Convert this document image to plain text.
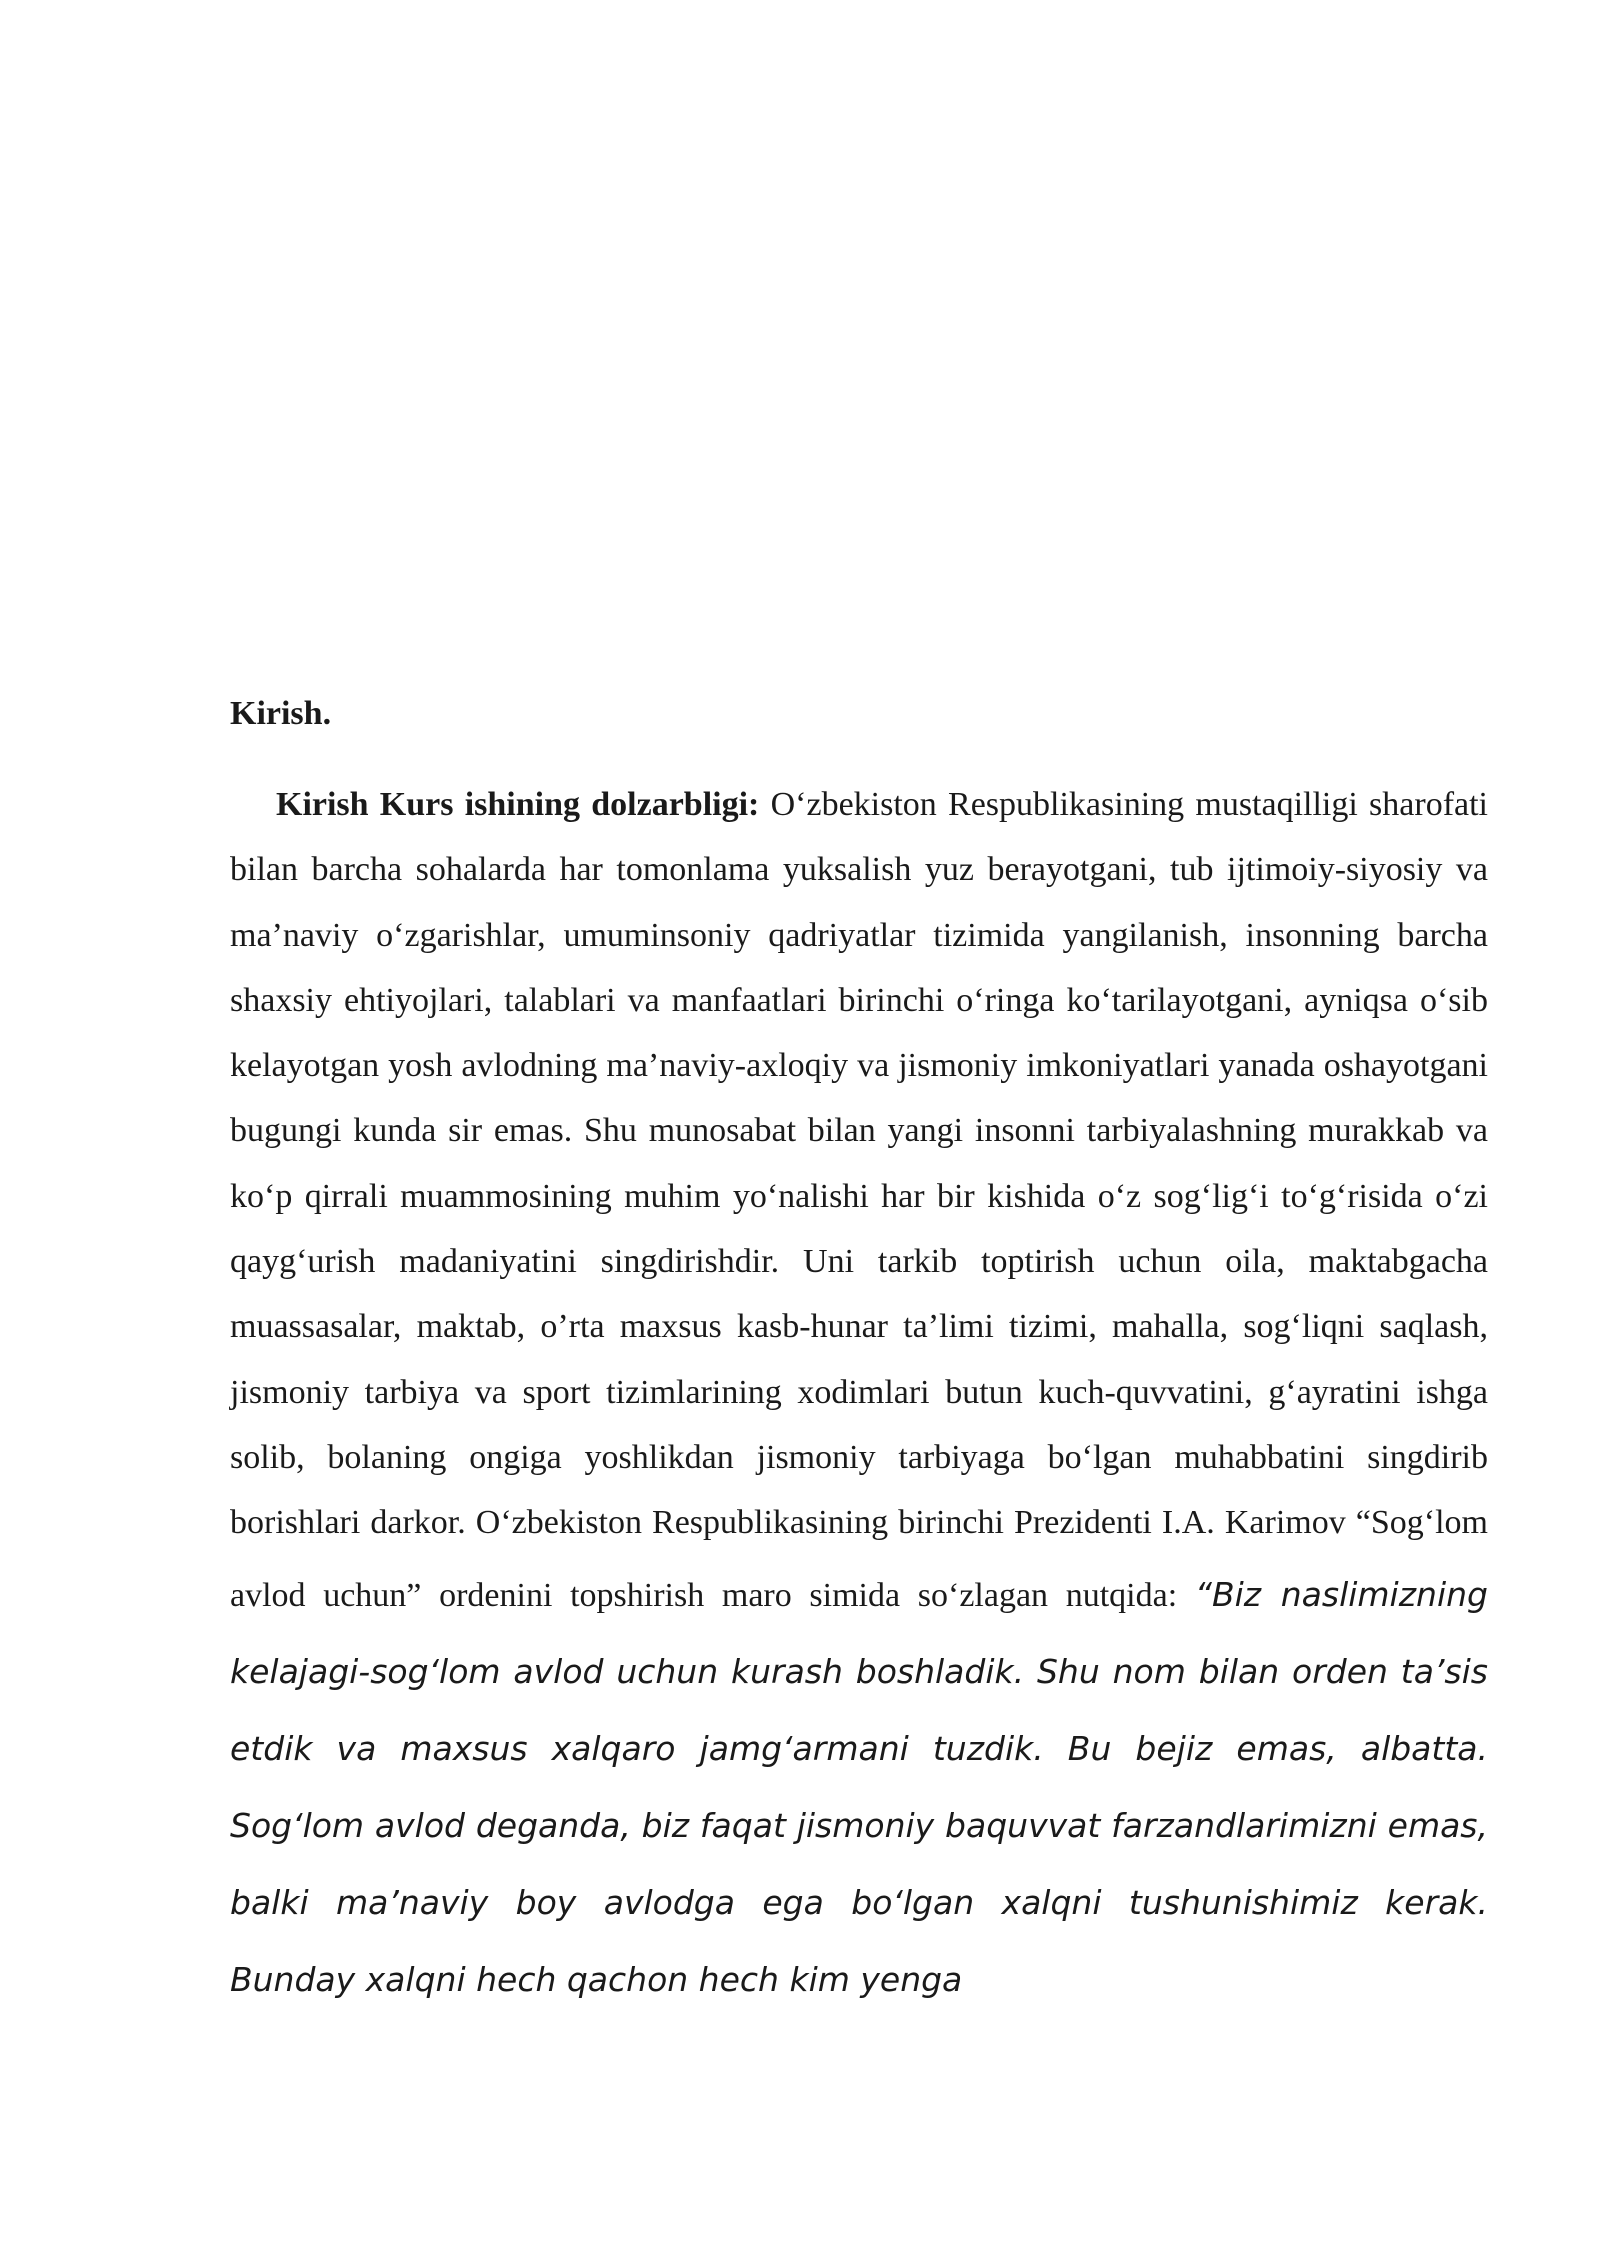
Kirish.

Kirish Kurs ishining dolzarbligi: O‘zbekiston Respublikasining mustaqilligi sharofati bilan barcha sohalarda har tomonlama yuksalish yuz berayotgani, tub ijtimoiy-siyosiy va ma’naviy o‘zgarishlar, umuminsoniy qadriyatlar tizimida yangilanish, insonning barcha shaxsiy ehtiyojlari, talablari va manfaatlari birinchi o‘ringa ko‘tarilayotgani, ayniqsa o‘sib kelayotgan yosh avlodning ma’naviy-axloqiy va jismoniy imkoniyatlari yanada oshayotgani bugungi kunda sir emas. Shu munosabat bilan yangi insonni tarbiyalashning murakkab va ko‘p qirrali muammosining muhim yo‘nalishi har bir kishida o‘z sog‘lig‘i to‘g‘risida o‘zi qayg‘urish madaniyatini singdirishdir. Uni tarkib toptirish uchun oila, maktabgacha muassasalar, maktab, o’rta maxsus kasb-hunar ta’limi tizimi, mahalla, sog‘liqni saqlash, jismoniy tarbiya va sport tizimlarining xodimlari butun kuch-quvvatini, g‘ayratini ishga solib, bolaning ongiga yoshlikdan jismoniy tarbiyaga bo‘lgan muhabbatini singdirib borishlari darkor. O‘zbekiston Respublikasining birinchi Prezidenti I.A. Karimov “Sog‘lom avlod uchun” ordenini topshirish maro simida so‘zlagan nutqida: “Biz naslimizning kelajagi-sog‘lom avlod uchun kurash boshladik. Shu nom bilan orden ta’sis etdik va maxsus xalqaro jamg‘armani tuzdik. Bu bejiz emas, albatta. Sog‘lom avlod deganda, biz faqat jismoniy baquvvat farzandlarimizni emas, balki ma’naviy boy avlodga ega bo‘lgan xalqni tushunishimiz kerak. Bunday xalqni hech qachon hech kim yenga
